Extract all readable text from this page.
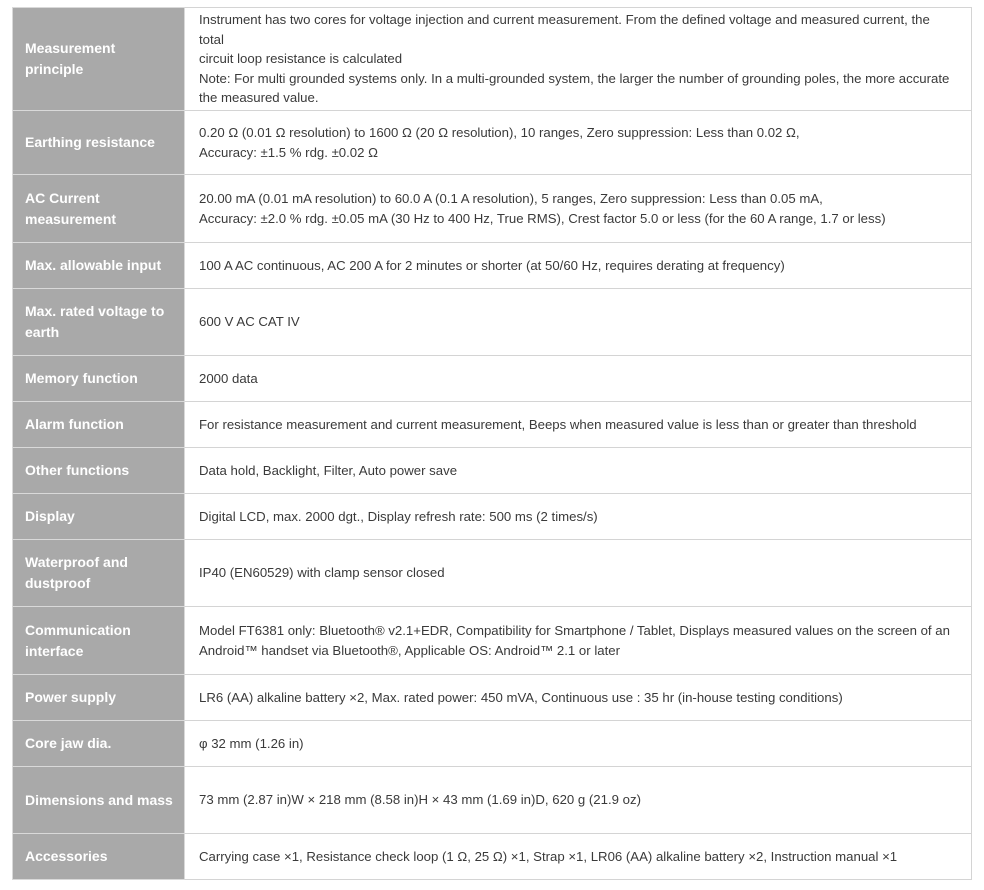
Measurement principle	Instrument has two cores for voltage injection and current measurement. From the defined voltage and measured current, the total
circuit loop resistance is calculated
Note: For multi grounded systems only. In a multi-grounded system, the larger the number of grounding poles, the more accurate
the measured value.

Earthing resistance	0.20 Ω (0.01 Ω resolution) to 1600 Ω (20 Ω resolution), 10 ranges, Zero suppression: Less than 0.02 Ω,
Accuracy: ±1.5 % rdg. ±0.02 Ω

AC Current measurement	20.00 mA (0.01 mA resolution) to 60.0 A (0.1 A resolution), 5 ranges, Zero suppression: Less than 0.05 mA,
Accuracy: ±2.0 % rdg. ±0.05 mA (30 Hz to 400 Hz, True RMS), Crest factor 5.0 or less (for the 60 A range, 1.7 or less)

Max. allowable input	100 A AC continuous, AC 200 A for 2 minutes or shorter (at 50/60 Hz, requires derating at frequency)

Max. rated voltage to earth	600 V AC CAT IV

Memory function	2000 data

Alarm function	For resistance measurement and current measurement, Beeps when measured value is less than or greater than threshold

Other functions	Data hold, Backlight, Filter, Auto power save

Display	Digital LCD, max. 2000 dgt., Display refresh rate: 500 ms (2 times/s)

Waterproof and dustproof	IP40 (EN60529) with clamp sensor closed

Communication interface	Model FT6381 only: Bluetooth® v2.1+EDR, Compatibility for Smartphone / Tablet, Displays measured values on the screen of an
Android™ handset via Bluetooth®, Applicable OS: Android™ 2.1 or later

Power supply	LR6 (AA) alkaline battery ×2, Max. rated power: 450 mVA, Continuous use : 35 hr (in-house testing conditions)

Core jaw dia.	φ 32 mm (1.26 in)

Dimensions and mass	73 mm (2.87 in)W × 218 mm (8.58 in)H × 43 mm (1.69 in)D, 620 g (21.9 oz)

Accessories	Carrying case ×1, Resistance check loop (1 Ω, 25 Ω) ×1, Strap ×1, LR06 (AA) alkaline battery ×2, Instruction manual ×1
